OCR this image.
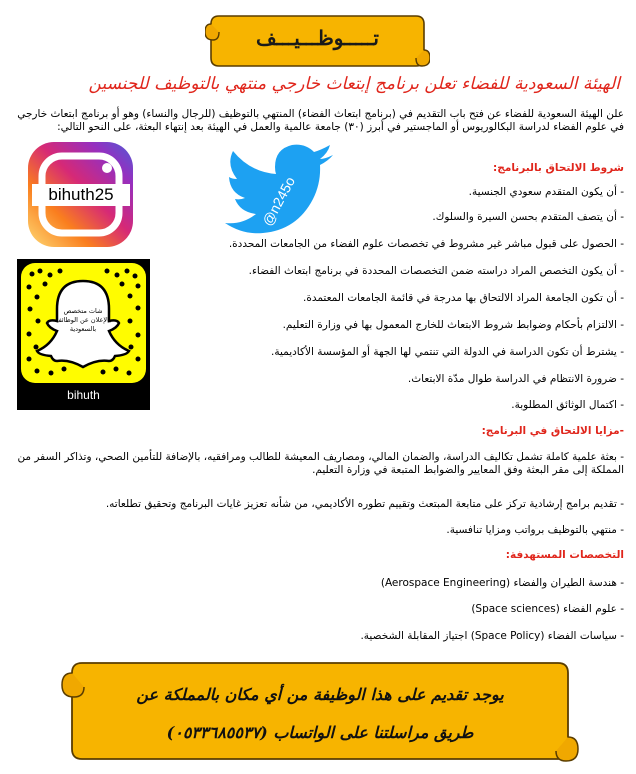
تـــــوظـــيـــف
الهيئة السعودية للفضاء تعلن برنامج إبتعاث خارجي منتهي بالتوظيف للجنسين
علن الهيئة السعودية للفضاء عن فتح باب التقديم في (برنامج ابتعاث الفضاء) المنتهي بالتوظيف (للرجال والنساء) وهو أو برنامج ابتعاث خارجي في علوم الفضاء لدراسة البكالوريوس أو الماجستير في أبرز (٣٠) جامعة عالمية والعمل في الهيئة بعد إنتهاء البعثة، على النحو التالي:
شروط الالتحاق بالبرنامج:
- أن يكون المتقدم سعودي الجنسية.
- أن يتصف المتقدم بحسن السيرة والسلوك.
- الحصول على قبول مباشر غير مشروط في تخصصات علوم الفضاء من الجامعات المحددة.
- أن يكون التخصص المراد دراسته ضمن التخصصات المحددة في برنامج ابتعاث الفضاء.
- أن تكون الجامعة المراد الالتحاق بها مدرجة في قائمة الجامعات المعتمدة.
- الالتزام بأحكام وضوابط شروط الابتعاث للخارج المعمول بها في وزارة التعليم.
- يشترط أن تكون الدراسة في الدولة التي تنتمي لها الجهة أو المؤسسة الأكاديمية.
- ضرورة الانتظام في الدراسة طوال مدّة الابتعاث.
- اكتمال الوثائق المطلوبة.
-مزايا الالتحاق في البرنامج:
- بعثة علمية كاملة تشمل تكاليف الدراسة، والضمان المالي، ومصاريف المعيشة للطالب ومرافقيه، بالإضافة للتأمين الصحي، وتذاكر السفر من المملكة إلى مقر البعثة وفق المعايير والضوابط المتبعة في وزارة التعليم.
- تقديم برامج إرشادية تركز على متابعة المبتعث وتقييم تطوره الأكاديمي، من شأنه تعزيز غايات البرنامج وتحقيق تطلعاته.
- منتهي بالتوظيف برواتب ومزايا تنافسية.
التخصصات المستهدفة:
- هندسة الطيران والفضاء (Aerospace Engineering)
- علوم الفضاء (Space sciences)
- سياسات الفضاء (Space Policy) اجتياز المقابلة الشخصية.
bihuth25	@n245o
شات متخصص بالإعلان عن الوظائف بالسعودية
bihuth
يوجد تقديم على هذا الوظيفة من أي مكان بالمملكة عن
طريق مراسلتنا على الواتساب (٠٥٣٣٦٨٥٥٣٧)
